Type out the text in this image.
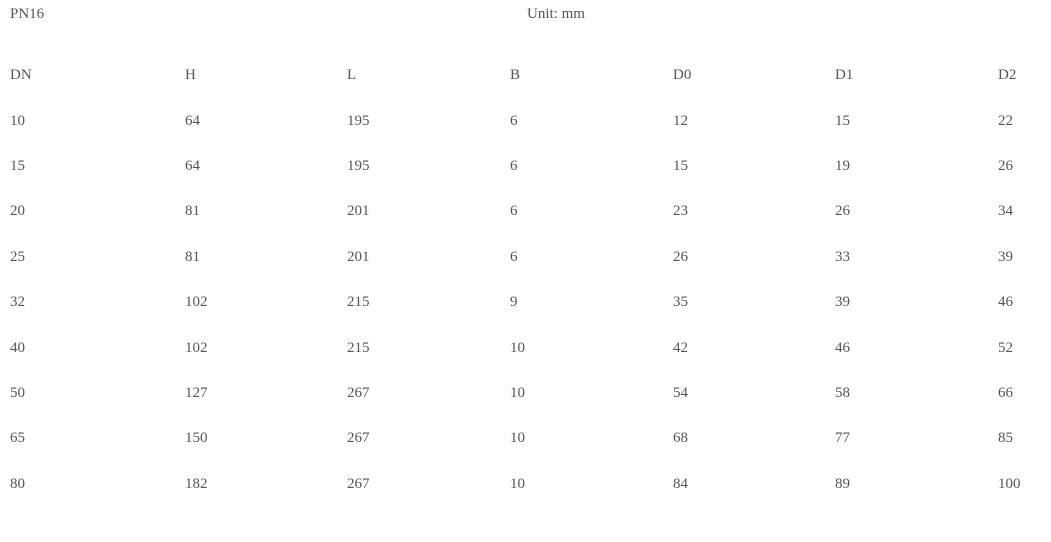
PN16	Unit: mm
DN	H	L	B	D0	D1	D2
10	64	195	6	12	15	22
15	64	195	6	15	19	26
20	81	201	6	23	26	34
25	81	201	6	26	33	39
32	102	215	9	35	39	46
40	102	215	10	42	46	52
50	127	267	10	54	58	66
65	150	267	10	68	77	85
80	182	267	10	84	89	100
